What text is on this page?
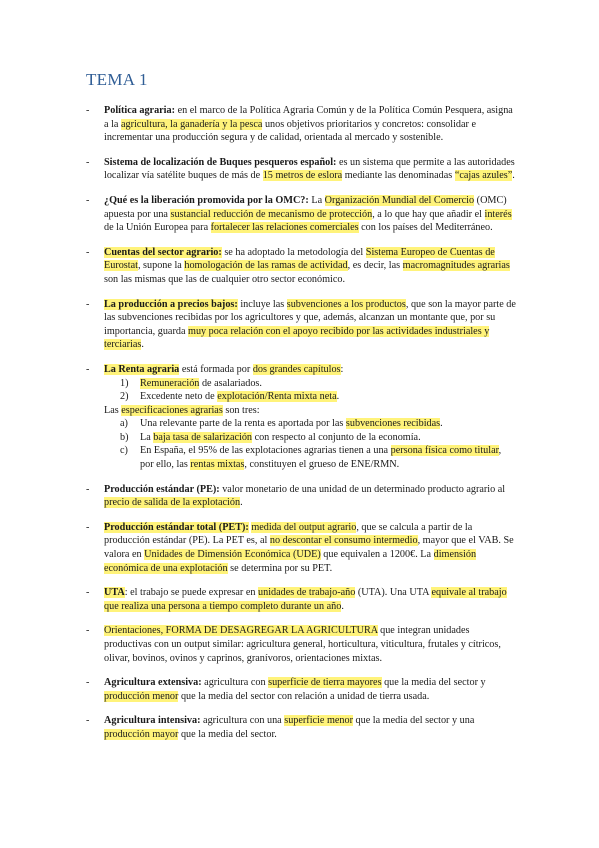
TEMA 1
- Política agraria: en el marco de la Política Agraria Común y de la Política Común Pesquera, asigna a la agricultura, la ganadería y la pesca unos objetivos prioritarios y concretos: consolidar e incrementar una producción segura y de calidad, orientada al mercado y sostenible.
- Sistema de localización de Buques pesqueros español: es un sistema que permite a las autoridades localizar vía satélite buques de más de 15 metros de eslora mediante las denominadas “cajas azules”.
- ¿Qué es la liberación promovida por la OMC?: La Organización Mundial del Comercio (OMC) apuesta por una sustancial reducción de mecanismo de protección, a lo que hay que añadir el interés de la Unión Europea para fortalecer las relaciones comerciales con los países del Mediterráneo.
- Cuentas del sector agrario: se ha adoptado la metodología del Sistema Europeo de Cuentas de Eurostat, supone la homologación de las ramas de actividad, es decir, las macromagnitudes agrarias son las mismas que las de cualquier otro sector económico.
- La producción a precios bajos: incluye las subvenciones a los productos, que son la mayor parte de las subvenciones recibidas por los agricultores y que, además, alcanzan un montante que, por su importancia, guarda muy poca relación con el apoyo recibido por las actividades industriales y terciarias.
- La Renta agraria está formada por dos grandes capítulos:
1) Remuneración de asalariados.
2) Excedente neto de explotación/Renta mixta neta.
Las especificaciones agrarias son tres:
a) Una relevante parte de la renta es aportada por las subvenciones recibidas.
b) La baja tasa de salarización con respecto al conjunto de la economía.
c) En España, el 95% de las explotaciones agrarias tienen a una persona física como titular, por ello, las rentas mixtas, constituyen el grueso de ENE/RMN.
- Producción estándar (PE): valor monetario de una unidad de un determinado producto agrario al precio de salida de la explotación.
- Producción estándar total (PET): medida del output agrario, que se calcula a partir de la producción estándar (PE). La PET es, al no descontar el consumo intermedio, mayor que el VAB. Se valora en Unidades de Dimensión Económica (UDE) que equivalen a 1200€. La dimensión económica de una explotación se determina por su PET.
- UTA: el trabajo se puede expresar en unidades de trabajo-año (UTA). Una UTA equivale al trabajo que realiza una persona a tiempo completo durante un año.
- Orientaciones, FORMA DE DESAGREGAR LA AGRICULTURA que integran unidades productivas con un output similar: agricultura general, horticultura, viticultura, frutales y cítricos, olivar, bovinos, ovinos y caprinos, granívoros, orientaciones mixtas.
- Agricultura extensiva: agricultura con superficie de tierra mayores que la media del sector y producción menor que la media del sector con relación a unidad de tierra usada.
- Agricultura intensiva: agricultura con una superficie menor que la media del sector y una producción mayor que la media del sector.
